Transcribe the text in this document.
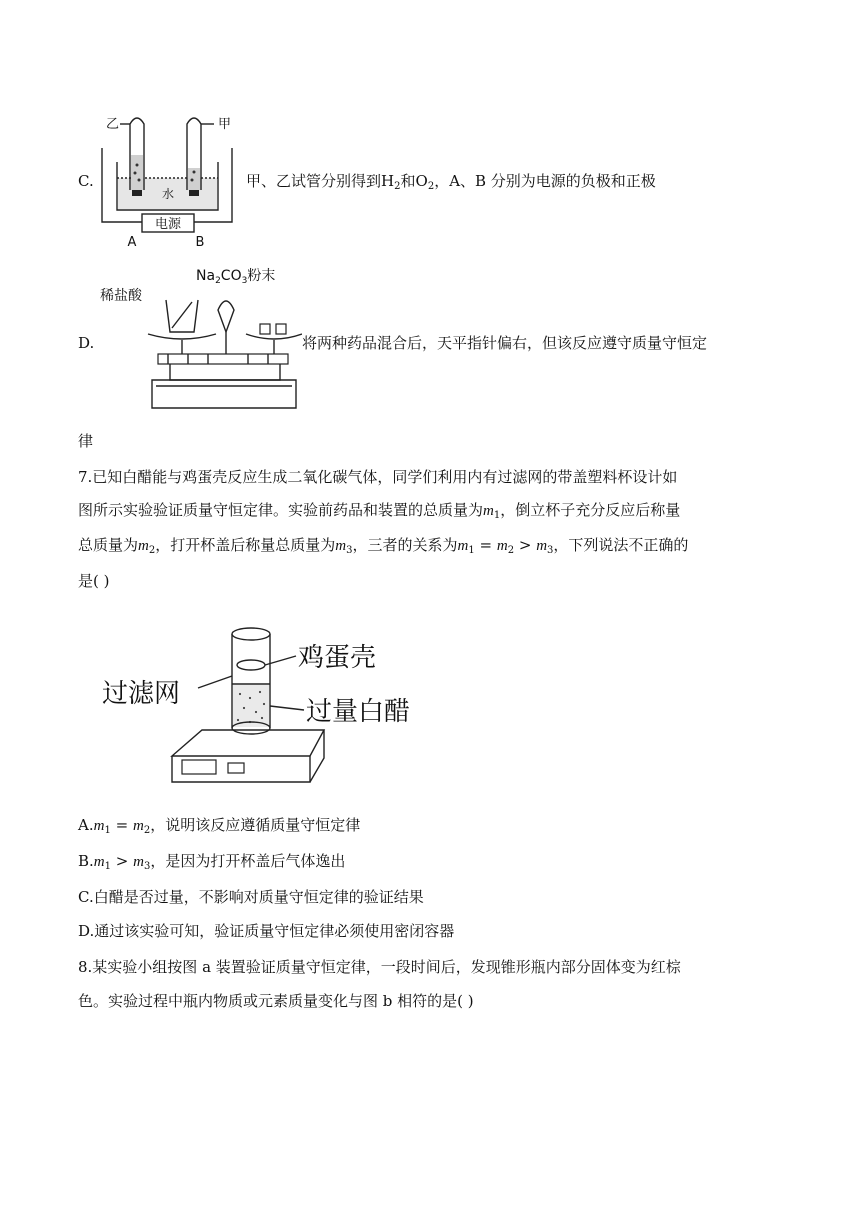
C.
电源
A	B
乙	甲
水
甲、乙试管分别得到$H_2$和$O_2$，A、B 分别为电源的负极和正极
D.
稀盐酸
$Na_2CO_3$粉末
将两种药品混合后，天平指针偏右，但该反应遵守质量守恒定
律
7.已知白醋能与鸡蛋壳反应生成二氧化碳气体，同学们利用内有过滤网的带盖塑料杯设计如
图所示实验验证质量守恒定律。实验前药品和装置的总质量为$m_1$，倒立杯子充分反应后称量
总质量为$m_2$，打开杯盖后称量总质量为$m_3$，三者的关系为$m_1 = m_2 > m_3$，下列说法不正确的
是( )
鸡蛋壳
过滤网
过量白醋
$A.m_1 = m_2$，说明该反应遵循质量守恒定律
$B.m_1 > m_3$，是因为打开杯盖后气体逸出
C.白醋是否过量，不影响对质量守恒定律的验证结果
D.通过该实验可知，验证质量守恒定律必须使用密闭容器
8.某实验小组按图 a 装置验证质量守恒定律，一段时间后，发现锥形瓶内部分固体变为红棕
色。实验过程中瓶内物质或元素质量变化与图 b 相符的是( )
